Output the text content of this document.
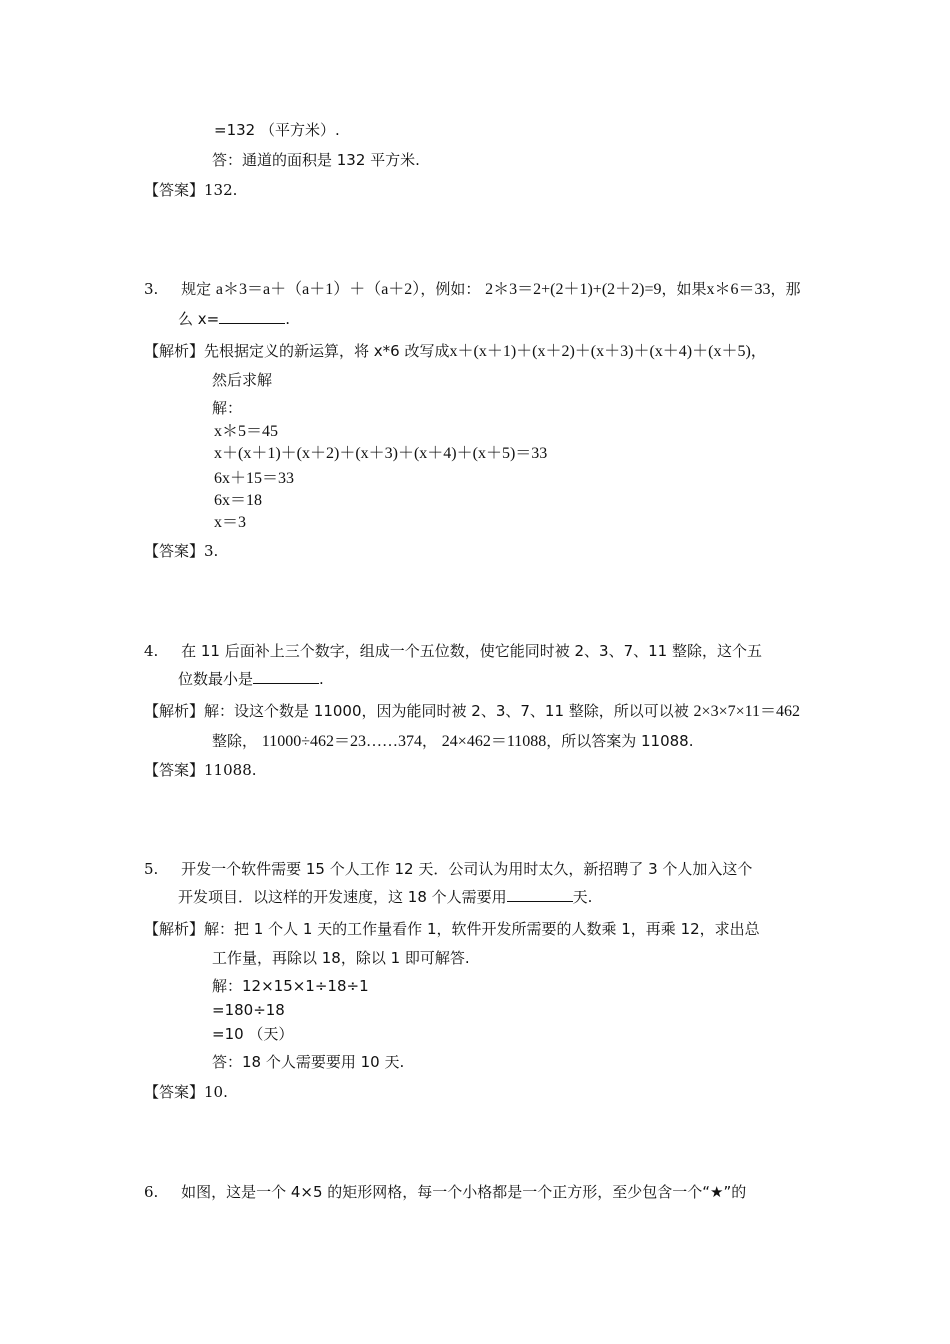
=132 （平方米）.
答：通道的面积是 132 平方米.
【答案】132.
3. 规定 a＊3＝a＋（a＋1）＋（a＋2），例如： 2＊3＝2+(2＋1)+(2＋2)=9，如果x＊6＝33，那
么 x=	.
【解析】先根据定义的新运算，将 x*6 改写成x＋(x＋1)＋(x＋2)＋(x＋3)＋(x＋4)＋(x＋5)，
然后求解
解：
x＊5＝45
x＋(x＋1)＋(x＋2)＋(x＋3)＋(x＋4)＋(x＋5)＝33
6x＋15＝33
6x＝18
x＝3
【答案】3.
4. 在 11 后面补上三个数字，组成一个五位数，使它能同时被 2、3、7、11 整除，这个五
位数最小是	.
【解析】解：设这个数是 11000，因为能同时被 2、3、7、11 整除，所以可以被 2×3×7×11＝462
整除， 11000÷462＝23……374， 24×462＝11088，所以答案为 11088.
【答案】11088.
5. 开发一个软件需要 15 个人工作 12 天．公司认为用时太久，新招聘了 3 个人加入这个
开发项目．以这样的开发速度，这 18 个人需要用	天.
【解析】解：把 1 个人 1 天的工作量看作 1，软件开发所需要的人数乘 1，再乘 12，求出总
工作量，再除以 18，除以 1 即可解答.
解：12×15×1÷18÷1
=180÷18
=10 （天）
答：18 个人需要要用 10 天.
【答案】10.
6. 如图，这是一个 4×5 的矩形网格，每一个小格都是一个正方形，至少包含一个“★”的
